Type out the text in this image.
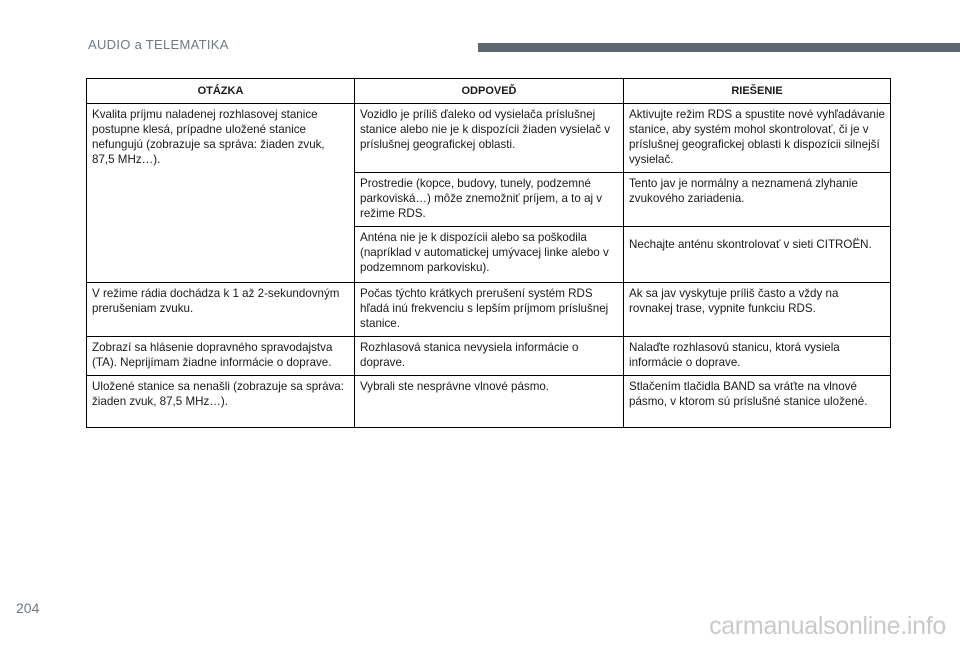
AUDIO a TELEMATIKA
OTÁZKA	ODPOVEĎ	RIEŠENIE
Kvalita príjmu naladenej rozhlasovej stanice postupne klesá, prípadne uložené stanice nefungujú (zobrazuje sa správa: žiaden zvuk, 87,5 MHz…).	Vozidlo je príliš ďaleko od vysielača príslušnej stanice alebo nie je k dispozícii žiaden vysielač v príslušnej geografickej oblasti.	Aktivujte režim RDS a spustite nové vyhľadávanie stanice, aby systém mohol skontrolovať, či je v príslušnej geografickej oblasti k dispozícii silnejší vysielač.
	Prostredie (kopce, budovy, tunely, podzemné parkoviská…) môže znemožniť príjem, a to aj v režime RDS.	Tento jav je normálny a neznamená zlyhanie zvukového zariadenia.
	Anténa nie je k dispozícii alebo sa poškodila (napríklad v automatickej umývacej linke alebo v podzemnom parkovisku).	Nechajte anténu skontrolovať v sieti CITROËN.
V režime rádia dochádza k 1 až 2-sekundovným prerušeniam zvuku.	Počas týchto krátkych prerušení systém RDS hľadá inú frekvenciu s lepším príjmom príslušnej stanice.	Ak sa jav vyskytuje príliš často a vždy na rovnakej trase, vypnite funkciu RDS.
Zobrazí sa hlásenie dopravného spravodajstva (TA). Neprijímam žiadne informácie o doprave.	Rozhlasová stanica nevysiela informácie o doprave.	Nalaďte rozhlasovú stanicu, ktorá vysiela informácie o doprave.
Uložené stanice sa nenašli (zobrazuje sa správa: žiaden zvuk, 87,5 MHz…).	Vybrali ste nesprávne vlnové pásmo.	Stlačením tlačidla BAND sa vráťte na vlnové pásmo, v ktorom sú príslušné stanice uložené.
204
carmanualsonline.info
